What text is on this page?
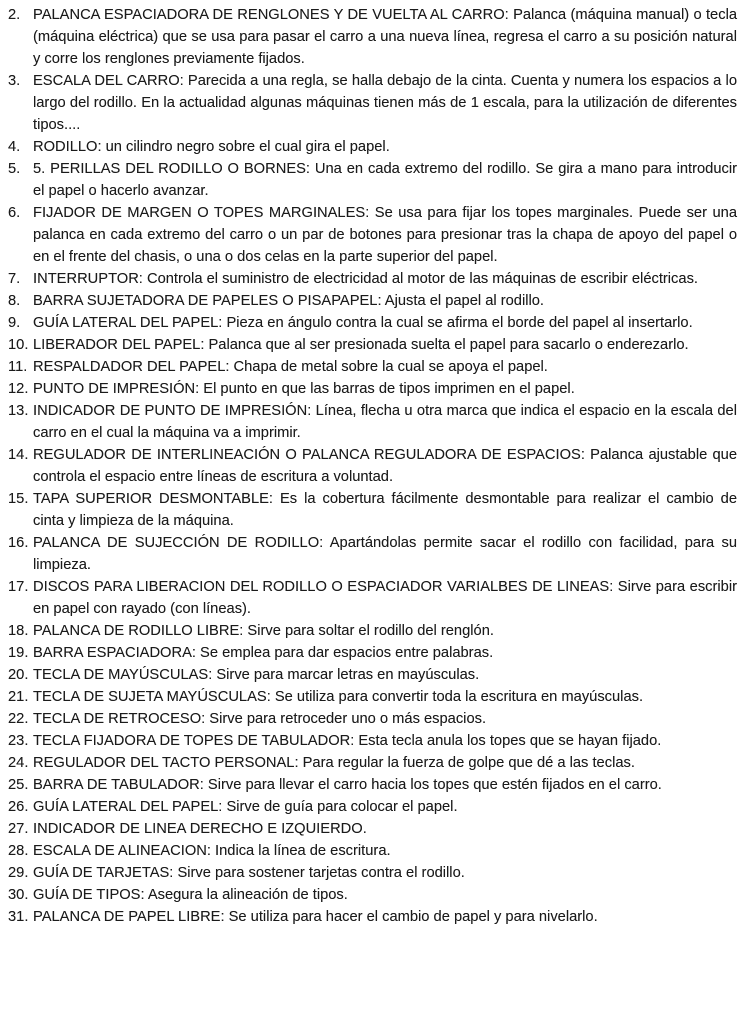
2. PALANCA ESPACIADORA DE RENGLONES Y DE VUELTA AL CARRO: Palanca (máquina manual) o tecla (máquina eléctrica) que se usa para pasar el carro a una nueva línea, regresa el carro a su posición natural y corre los renglones previamente fijados.
3. ESCALA DEL CARRO: Parecida a una regla, se halla debajo de la cinta. Cuenta y numera los espacios a lo largo del rodillo. En la actualidad algunas máquinas tienen más de 1 escala, para la utilización de diferentes tipos....
4. RODILLO: un cilindro negro sobre el cual gira el papel.
5. 5. PERILLAS DEL RODILLO O BORNES: Una en cada extremo del rodillo. Se gira a mano para introducir el papel o hacerlo avanzar.
6. FIJADOR DE MARGEN O TOPES MARGINALES: Se usa para fijar los topes marginales. Puede ser una palanca en cada extremo del carro o un par de botones para presionar tras la chapa de apoyo del papel o en el frente del chasis, o una o dos celas en la parte superior del papel.
7. INTERRUPTOR: Controla el suministro de electricidad al motor de las máquinas de escribir eléctricas.
8. BARRA SUJETADORA DE PAPELES O PISAPAPEL: Ajusta el papel al rodillo.
9. GUÍA LATERAL DEL PAPEL: Pieza en ángulo contra la cual se afirma el borde del papel al insertarlo.
10. LIBERADOR DEL PAPEL: Palanca que al ser presionada suelta el papel para sacarlo o enderezarlo.
11. RESPALDADOR DEL PAPEL: Chapa de metal sobre la cual se apoya el papel.
12. PUNTO DE IMPRESIÓN: El punto en que las barras de tipos imprimen en el papel.
13. INDICADOR DE PUNTO DE IMPRESIÓN: Línea, flecha u otra marca que indica el espacio en la escala del carro en el cual la máquina va a imprimir.
14. REGULADOR DE INTERLINEACIÓN O PALANCA REGULADORA DE ESPACIOS: Palanca ajustable que controla el espacio entre líneas de escritura a voluntad.
15. TAPA SUPERIOR DESMONTABLE: Es la cobertura fácilmente desmontable para realizar el cambio de cinta y limpieza de la máquina.
16. PALANCA DE SUJECCIÓN DE RODILLO: Apartándolas permite sacar el rodillo con facilidad, para su limpieza.
17. DISCOS PARA LIBERACION DEL RODILLO O ESPACIADOR VARIALBES DE LINEAS: Sirve para escribir en papel con rayado (con líneas).
18. PALANCA DE RODILLO LIBRE: Sirve para soltar el rodillo del renglón.
19. BARRA ESPACIADORA: Se emplea para dar espacios entre palabras.
20. TECLA DE MAYÚSCULAS: Sirve para marcar letras en mayúsculas.
21. TECLA DE SUJETA MAYÚSCULAS: Se utiliza para convertir toda la escritura en mayúsculas.
22. TECLA DE RETROCESO: Sirve para retroceder uno o más espacios.
23. TECLA FIJADORA DE TOPES DE TABULADOR: Esta tecla anula los topes que se hayan fijado.
24. REGULADOR DEL TACTO PERSONAL: Para regular la fuerza de golpe que dé a las teclas.
25. BARRA DE TABULADOR: Sirve para llevar el carro hacia los topes que estén fijados en el carro.
26. GUÍA LATERAL DEL PAPEL: Sirve de guía para colocar el papel.
27. INDICADOR DE LINEA DERECHO E IZQUIERDO.
28. ESCALA DE ALINEACION: Indica la línea de escritura.
29. GUÍA DE TARJETAS: Sirve para sostener tarjetas contra el rodillo.
30. GUÍA DE TIPOS: Asegura la alineación de tipos.
31. PALANCA DE PAPEL LIBRE: Se utiliza para hacer el cambio de papel y para nivelarlo.
